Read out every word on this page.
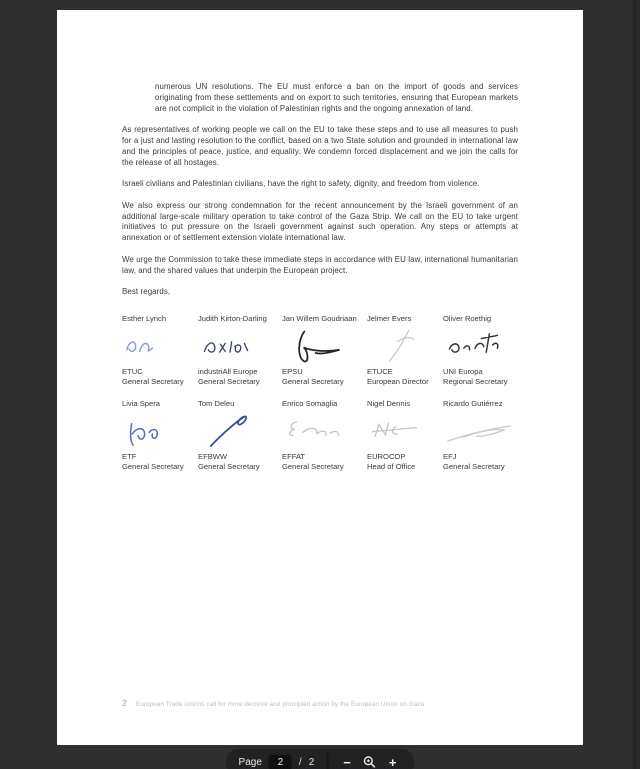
numerous UN resolutions. The EU must enforce a ban on the import of goods and services originating from these settlements and on export to such territories, ensuring that European markets are not complicit in the violation of Palestinian rights and the ongoing annexation of land.

As representatives of working people we call on the EU to take these steps and to use all measures to push for a just and lasting resolution to the conflict, based on a two State solution and grounded in international law and the principles of peace, justice, and equality. We condemn forced displacement and we join the calls for the release of all hostages.

Israeli civilians and Palestinian civilians, have the right to safety, dignity, and freedom from violence.

We also express our strong condemnation for the recent announcement by the Israeli government of an additional large-scale military operation to take control of the Gaza Strip. We call on the EU to take urgent initiatives to put pressure on the Israeli government against such operation. Any steps or attempts at annexation or of settlement extension violate international law.

We urge the Commission to take these immediate steps in accordance with EU law, international humanitarian law, and the shared values that underpin the European project.

Best regards,

Esther Lynch
ETUC
General Secretary
Judith Kirton-Darling
industriAll Europe
General Secretary
Jan Willem Goudriaan
EPSU
General Secretary
Jelmer Evers
ETUCE
European Director
Oliver Roethig
UNI Europa
Regional Secretary
Livia Spera
ETF
General Secretary
Tom Deleu
EFBWW
General Secretary
Enrico Somaglia
EFFAT
General Secretary
Nigel Dennis
EUROCOP
Head of Office
Ricardo Gutiérrez
EFJ
General Secretary
2 European Trade Unions call for more decisive and principled action by the European Union on Gaza
Page
2	/ 2	−	+
